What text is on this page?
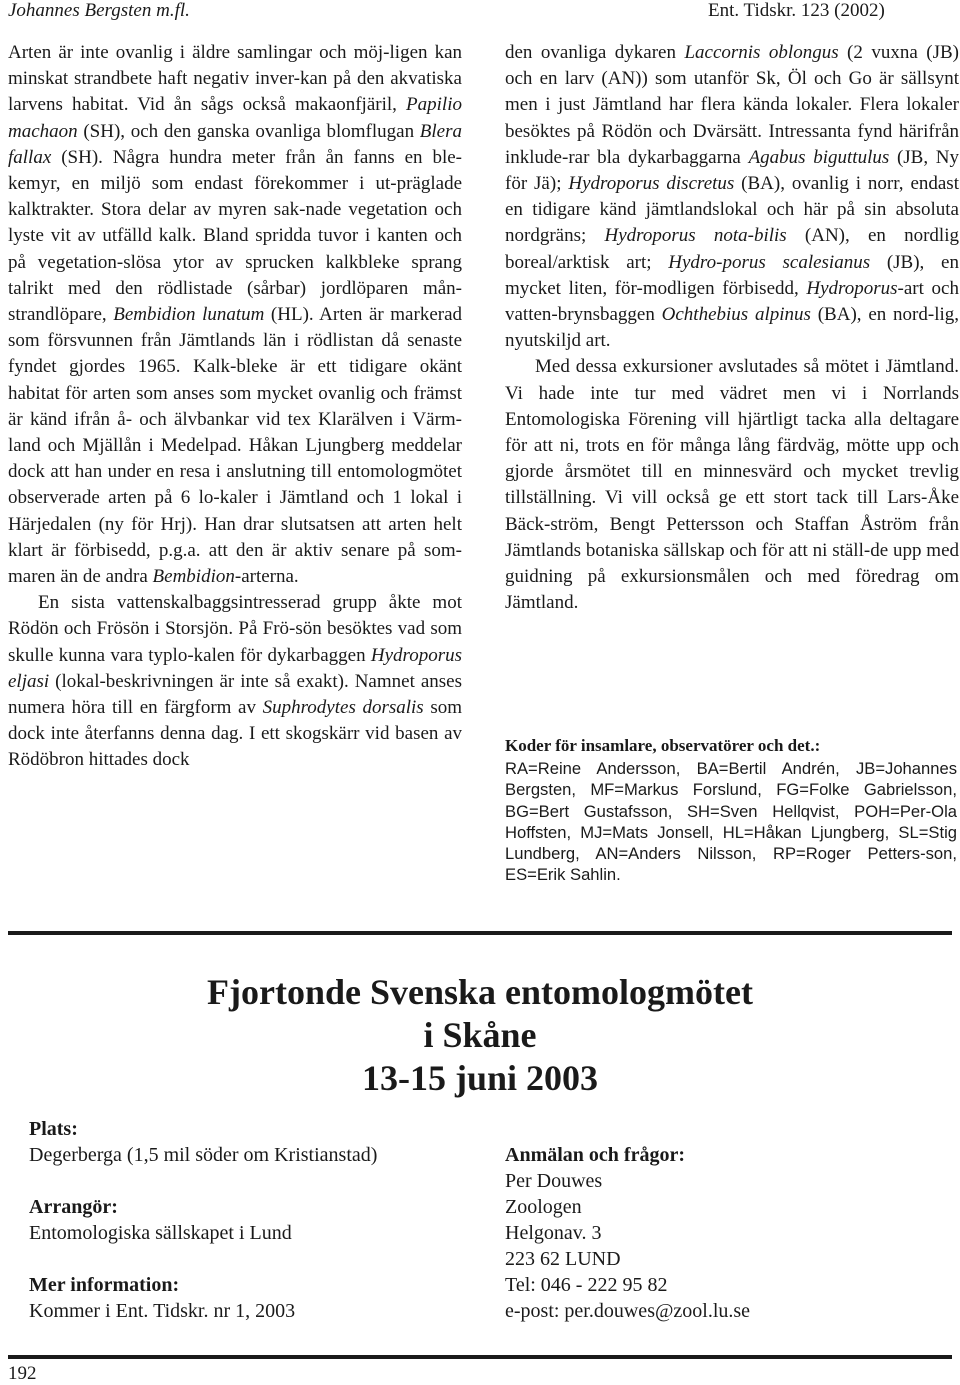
Johannes Bergsten m.fl.	Ent. Tidskr. 123 (2002)

Arten är inte ovanlig i äldre samlingar och möj-ligen kan minskat strandbete haft negativ inver-kan på den akvatiska larvens habitat. Vid ån sågs också makaonfjäril, Papilio machaon (SH), och den ganska ovanliga blomflugan Blera fallax (SH). Några hundra meter från ån fanns en ble-kemyr, en miljö som endast förekommer i ut-präglade kalktrakter. Stora delar av myren sak-nade vegetation och lyste vit av utfälld kalk. Bland spridda tuvor i kanten och på vegetation-slösa ytor av sprucken kalkbleke sprang talrikt med den rödlistade (sårbar) jordlöparen mån-strandlöpare, Bembidion lunatum (HL). Arten är markerad som försvunnen från Jämtlands län i rödlistan då senaste fyndet gjordes 1965. Kalk-bleke är ett tidigare okänt habitat för arten som anses som mycket ovanlig och främst är känd ifrån å- och älvbankar vid tex Klarälven i Värm-land och Mjällån i Medelpad. Håkan Ljungberg meddelar dock att han under en resa i anslutning till entomologmötet observerade arten på 6 lo-kaler i Jämtland och 1 lokal i Härjedalen (ny för Hrj). Han drar slutsatsen att arten helt klart är förbisedd, p.g.a. att den är aktiv senare på som-maren än de andra Bembidion-arterna.

En sista vattenskalbaggsintresserad grupp åkte mot Rödön och Frösön i Storsjön. På Frö-sön besöktes vad som skulle kunna vara typlo-kalen för dykarbaggen Hydroporus eljasi (lokal-beskrivningen är inte så exakt). Namnet anses numera höra till en färgform av Suphrodytes dorsalis som dock inte återfanns denna dag. I ett skogskärr vid basen av Rödöbron hittades dock

den ovanliga dykaren Laccornis oblongus (2 vuxna (JB) och en larv (AN)) som utanför Sk, Öl och Go är sällsynt men i just Jämtland har flera kända lokaler. Flera lokaler besöktes på Rödön och Dvärsätt. Intressanta fynd härifrån inklude-rar bla dykarbaggarna Agabus biguttulus (JB, Ny för Jä); Hydroporus discretus (BA), ovanlig i norr, endast en tidigare känd jämtlandslokal och här på sin absoluta nordgräns; Hydroporus nota-bilis (AN), en nordlig boreal/arktisk art; Hydro-porus scalesianus (JB), en mycket liten, för-modligen förbisedd, Hydroporus-art och vatten-brynsbaggen Ochthebius alpinus (BA), en nord-lig, nyutskiljd art.

Med dessa exkursioner avslutades så mötet i Jämtland. Vi hade inte tur med vädret men vi i Norrlands Entomologiska Förening vill hjärtligt tacka alla deltagare för att ni, trots en för många lång färdväg, mötte upp och gjorde årsmötet till en minnesvärd och mycket trevlig tillställning. Vi vill också ge ett stort tack till Lars-Åke Bäck-ström, Bengt Pettersson och Staffan Åström från Jämtlands botaniska sällskap och för att ni ställ-de upp med guidning på exkursionsmålen och med föredrag om Jämtland.

Koder för insamlare, observatörer och det.:

RA=Reine Andersson, BA=Bertil Andrén, JB=Johannes Bergsten, MF=Markus Forslund, FG=Folke Gabrielsson, BG=Bert Gustafsson, SH=Sven Hellqvist, POH=Per-Ola Hoffsten, MJ=Mats Jonsell, HL=Håkan Ljungberg, SL=Stig Lundberg, AN=Anders Nilsson, RP=Roger Petters-son, ES=Erik Sahlin.

Fjortonde Svenska entomologmötet
i Skåne
13-15 juni 2003
Plats:
Degerberga (1,5 mil söder om Kristianstad)
Arrangör:
Entomologiska sällskapet i Lund
Mer information:
Kommer i Ent. Tidskr. nr 1, 2003
Anmälan och frågor:
Per Douwes
Zoologen
Helgonav. 3
223 62 LUND
Tel: 046 - 222 95 82
e-post: per.douwes@zool.lu.se
192
